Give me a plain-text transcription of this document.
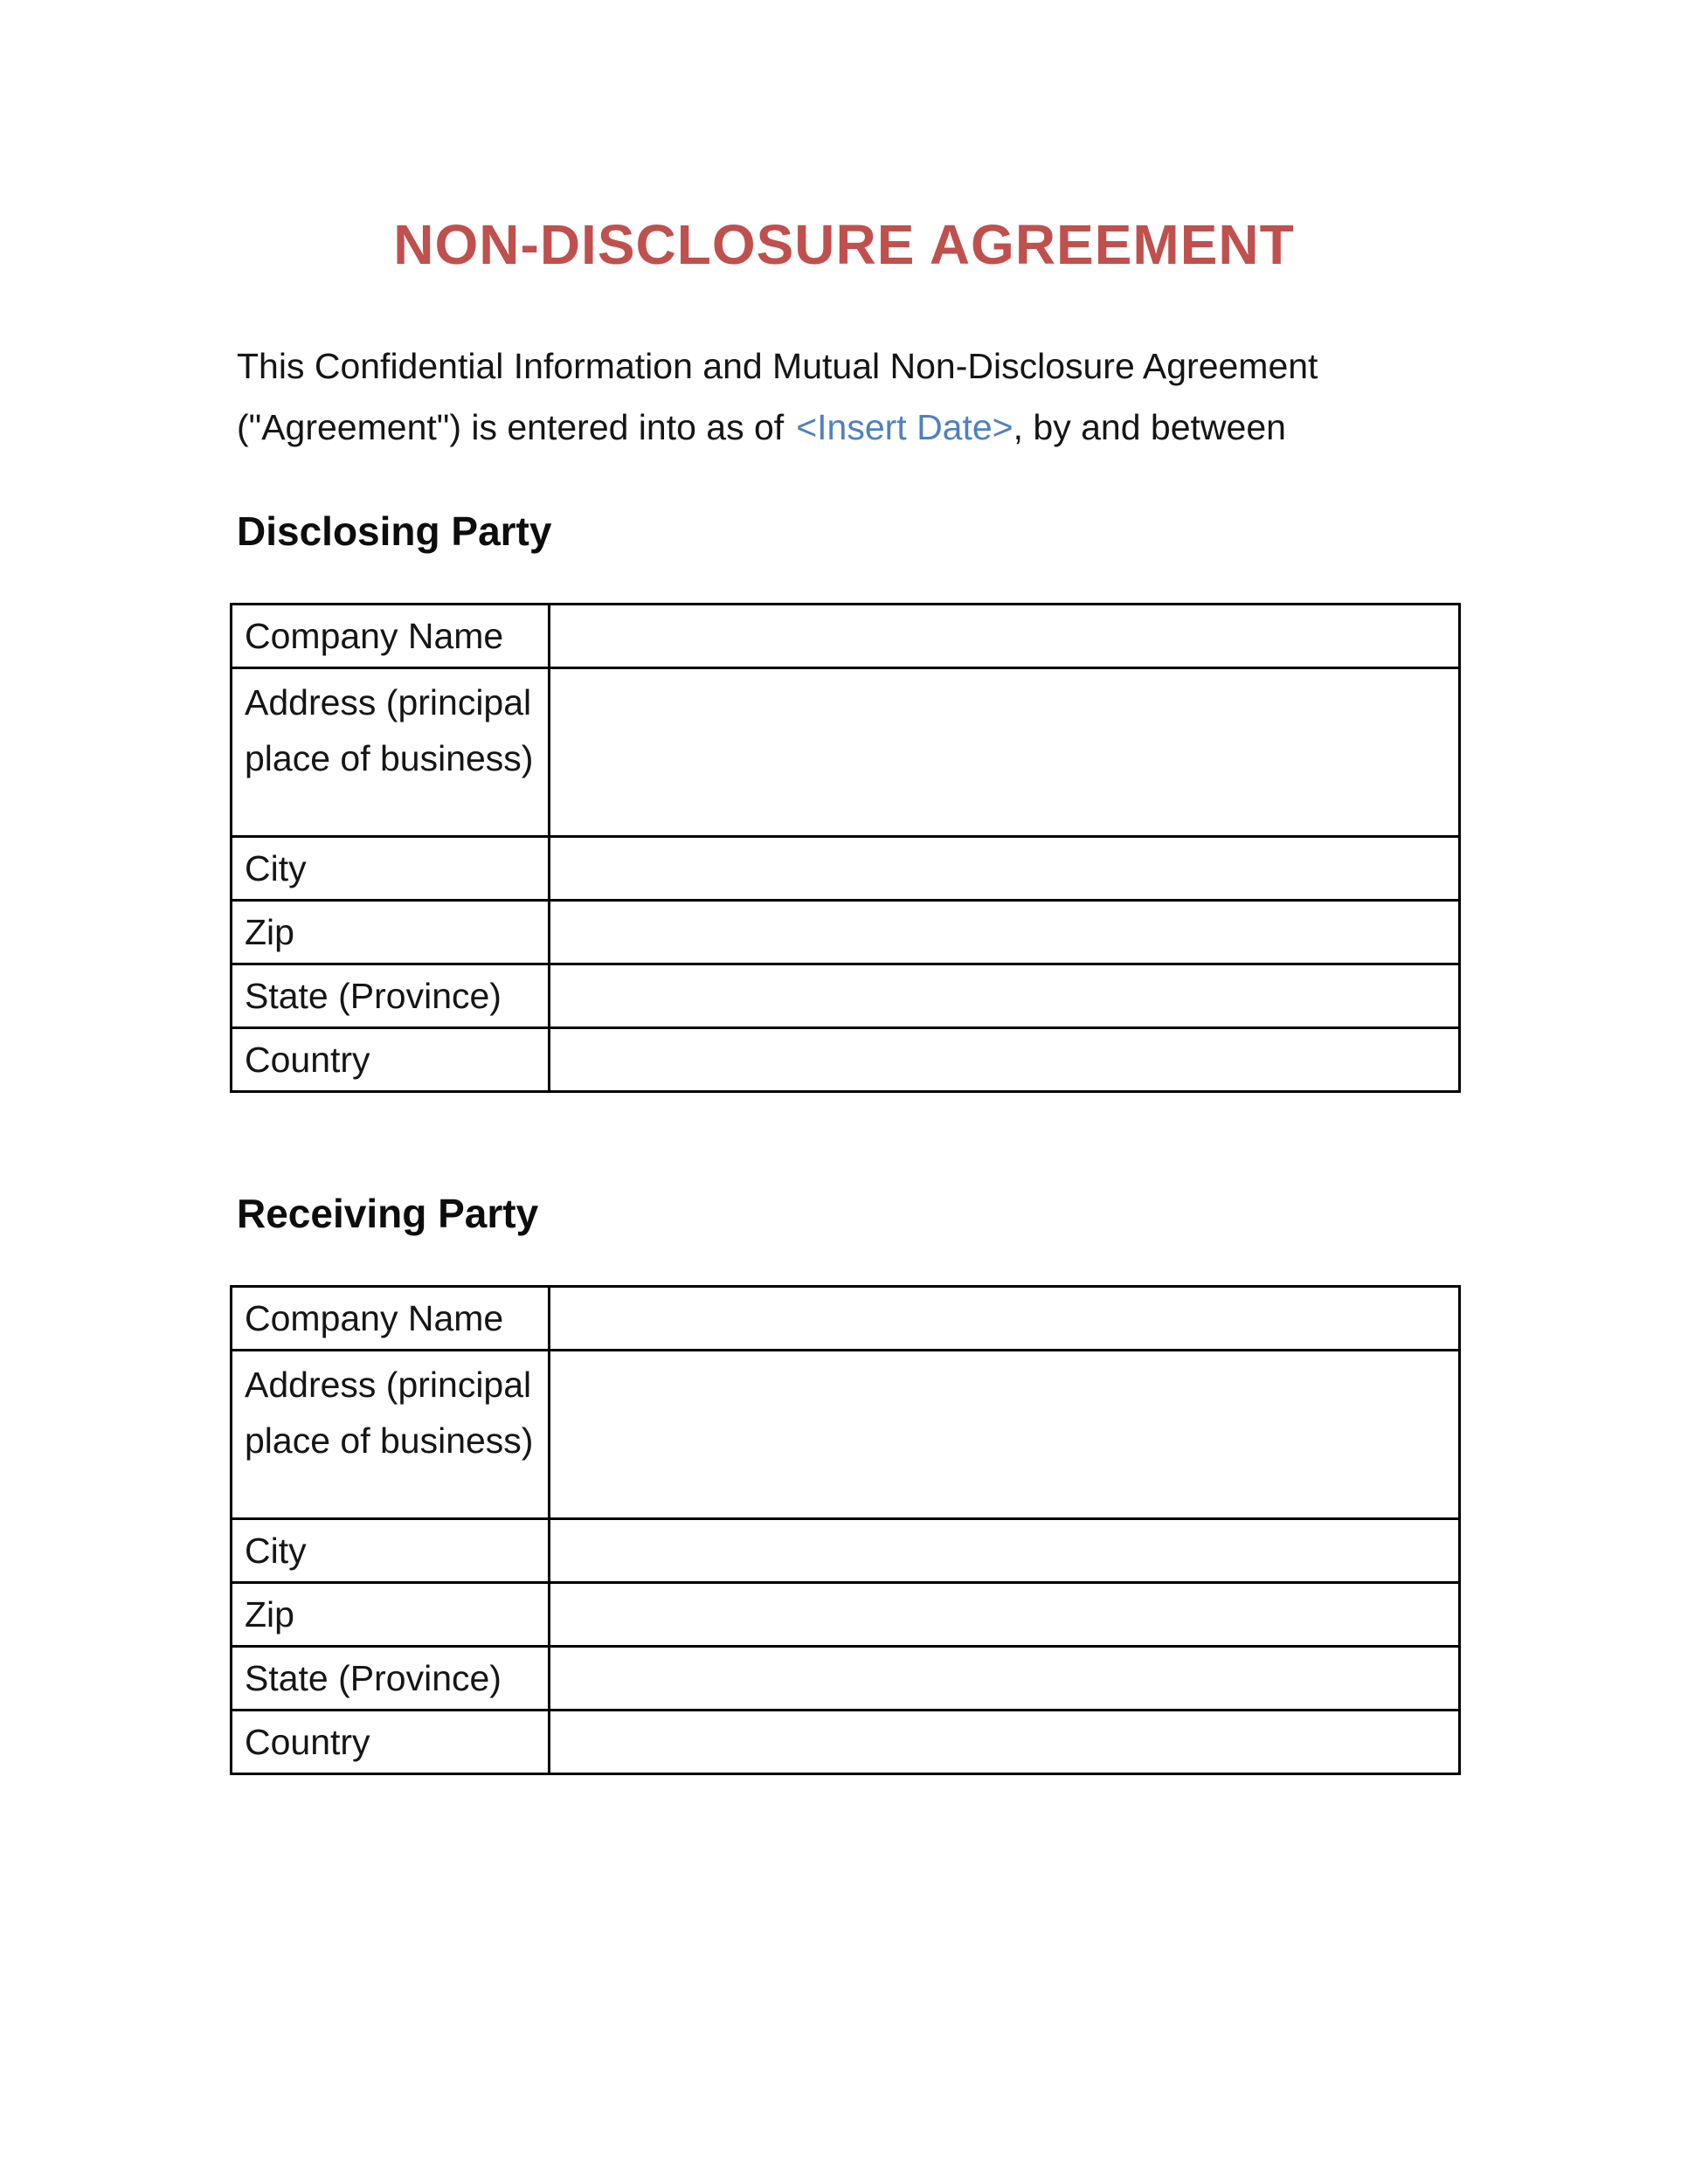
NON-DISCLOSURE AGREEMENT

This Confidential Information and Mutual Non-Disclosure Agreement ("Agreement") is entered into as of <Insert Date>, by and between

Disclosing Party
Company Name	
Address (principal place of business)	
City	
Zip	
State (Province)	
Country	
Receiving Party
Company Name	
Address (principal place of business)	
City	
Zip	
State (Province)	
Country	
